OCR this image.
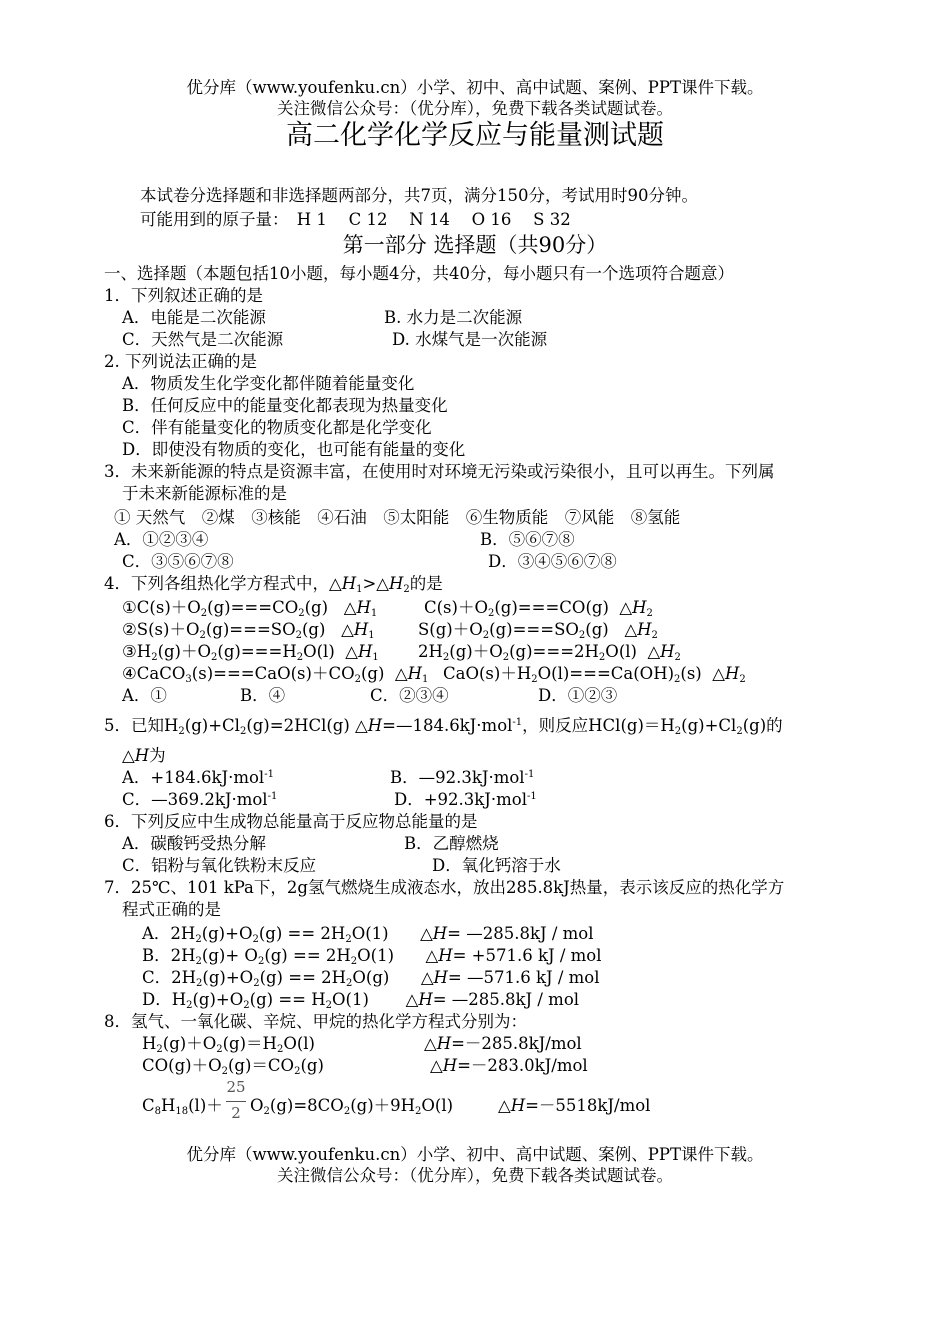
优分库（www.youfenku.cn）小学、初中、高中试题、案例、PPT课件下载。
关注微信公众号：（优分库），免费下载各类试题试卷。
高二化学化学反应与能量测试题
本试卷分选择题和非选择题两部分，共7页，满分150分，考试用时90分钟。
可能用到的原子量：　H 1　 C 12　 N 14　 O 16　 S 32
第一部分 选择题（共90分）
一、选择题（本题包括10小题，每小题4分，共40分，每小题只有一个选项符合题意）
1．下列叙述正确的是
A．电能是二次能源	B. 水力是二次能源
C．天然气是二次能源	D. 水煤气是一次能源
2. 下列说法正确的是
A．物质发生化学变化都伴随着能量变化
B．任何反应中的能量变化都表现为热量变化
C．伴有能量变化的物质变化都是化学变化
D．即使没有物质的变化，也可能有能量的变化
3．未来新能源的特点是资源丰富，在使用时对环境无污染或污染很小，且可以再生。下列属
于未来新能源标准的是
① 天然气　②煤　③核能　④石油　⑤太阳能　⑥生物质能　⑦风能　⑧氢能
A．①②③④	B．⑤⑥⑦⑧
C．③⑤⑥⑦⑧	D．③④⑤⑥⑦⑧
4．下列各组热化学方程式中，$\triangle H_1>\triangle H_2$的是
$①C(s)+O_2(g)===CO_2(g)$   $\triangle H_1$	$C(s)+O_2(g)===CO(g)$  $\triangle H_2$
$②S(s)+O_2(g)===SO_2(g)$   $\triangle H_1$	$S(g)+O_2(g)===SO_2(g)$   $\triangle H_2$
$③H_2(g)+O_2(g)===H_2O(l)$  $\triangle H_1$ $2H_2(g)+O_2(g)===2H_2O(l)$  $\triangle H_2$
$④CaCO_3(s)===CaO(s)+CO_2(g)$  $\triangle H_1$ $CaO(s)+H_2O(l)===Ca(OH)_2(s)$  $\triangle H_2$
A．①	B．④	C．②③④	D．①②③
5．已知$H_2(g)+Cl_2(g)=2HCl(g)$ △H=—184.6kJ·mol$^{-1}$，则反应$HCl(g)=H_2(g)+Cl_2(g)$的
△H为
A．+184.6kJ·mol$^{-1}$	B．—92.3kJ·mol$^{-1}$
C．—369.2kJ·mol$^{-1}$	D．+92.3kJ·mol$^{-1}$
6．下列反应中生成物总能量高于反应物总能量的是
A．碳酸钙受热分解	B．乙醇燃烧
C．铝粉与氧化铁粉末反应	D．氧化钙溶于水
7．25℃、101 kPa下，2g氢气燃烧生成液态水，放出285.8kJ热量，表示该反应的热化学方
程式正确的是
A．$2H_2(g)+O_2(g) == 2H_2O(1)$      △H= —285.8kJ / mol
B．$2H_2(g)+ O_2(g) == 2H_2O(1)$      △H= +571.6 kJ / mol
C．$2H_2(g)+O_2(g) == 2H_2O(g)$      △H= —571.6 kJ / mol
D．$H_2(g)+O_2(g) == H_2O(1)$       △H= —285.8kJ / mol
8．氢气、一氧化碳、辛烷、甲烷的热化学方程式分别为：
$H_2(g)+O_2(g)=H_2O(l)$	△H=－285.8kJ/mol
$CO(g)+O_2(g)=CO_2(g)$	△H=－283.0kJ/mol
$C_8H_{18}(l)+$
25
2 $O_2(g)=8CO_2(g)+9H_2O(l)$	△H=－5518kJ/mol
优分库（www.youfenku.cn）小学、初中、高中试题、案例、PPT课件下载。
关注微信公众号：（优分库），免费下载各类试题试卷。
